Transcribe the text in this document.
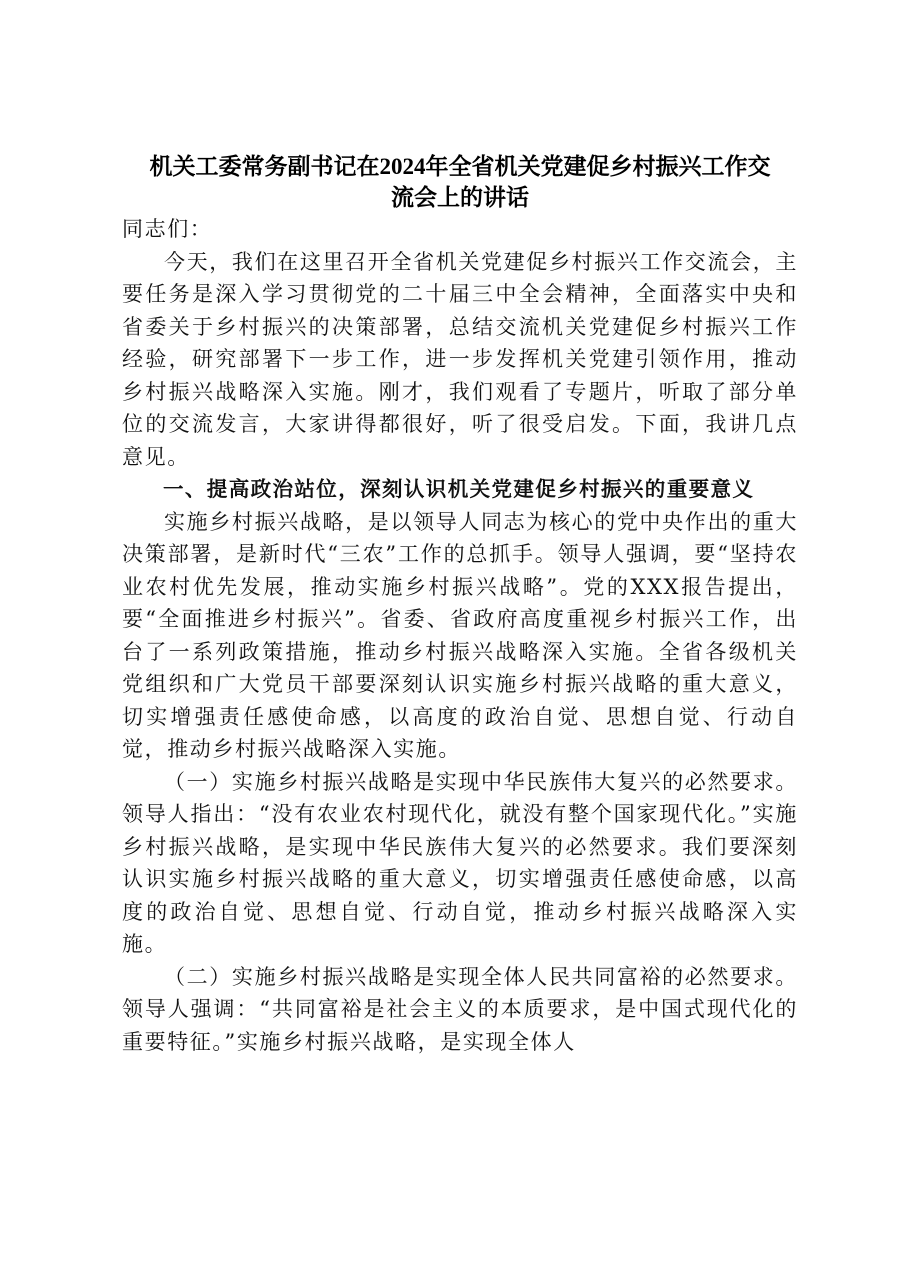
机关工委常务副书记在2024年全省机关党建促乡村振兴工作交
流会上的讲话

同志们：

今天，我们在这里召开全省机关党建促乡村振兴工作交流会，主要任务是深入学习贯彻党的二十届三中全会精神，全面落实中央和省委关于乡村振兴的决策部署，总结交流机关党建促乡村振兴工作经验，研究部署下一步工作，进一步发挥机关党建引领作用，推动乡村振兴战略深入实施。刚才，我们观看了专题片，听取了部分单位的交流发言，大家讲得都很好，听了很受启发。下面，我讲几点意见。

一、提高政治站位，深刻认识机关党建促乡村振兴的重要意义

实施乡村振兴战略，是以领导人同志为核心的党中央作出的重大决策部署，是新时代“三农”工作的总抓手。领导人强调，要“坚持农业农村优先发展，推动实施乡村振兴战略”。党的XXX报告提出，要“全面推进乡村振兴”。省委、省政府高度重视乡村振兴工作，出台了一系列政策措施，推动乡村振兴战略深入实施。全省各级机关党组织和广大党员干部要深刻认识实施乡村振兴战略的重大意义，切实增强责任感使命感，以高度的政治自觉、思想自觉、行动自觉，推动乡村振兴战略深入实施。

（一）实施乡村振兴战略是实现中华民族伟大复兴的必然要求。领导人指出：“没有农业农村现代化，就没有整个国家现代化。”实施乡村振兴战略，是实现中华民族伟大复兴的必然要求。我们要深刻认识实施乡村振兴战略的重大意义，切实增强责任感使命感，以高度的政治自觉、思想自觉、行动自觉，推动乡村振兴战略深入实施。

（二）实施乡村振兴战略是实现全体人民共同富裕的必然要求。领导人强调：“共同富裕是社会主义的本质要求，是中国式现代化的重要特征。”实施乡村振兴战略，是实现全体人
